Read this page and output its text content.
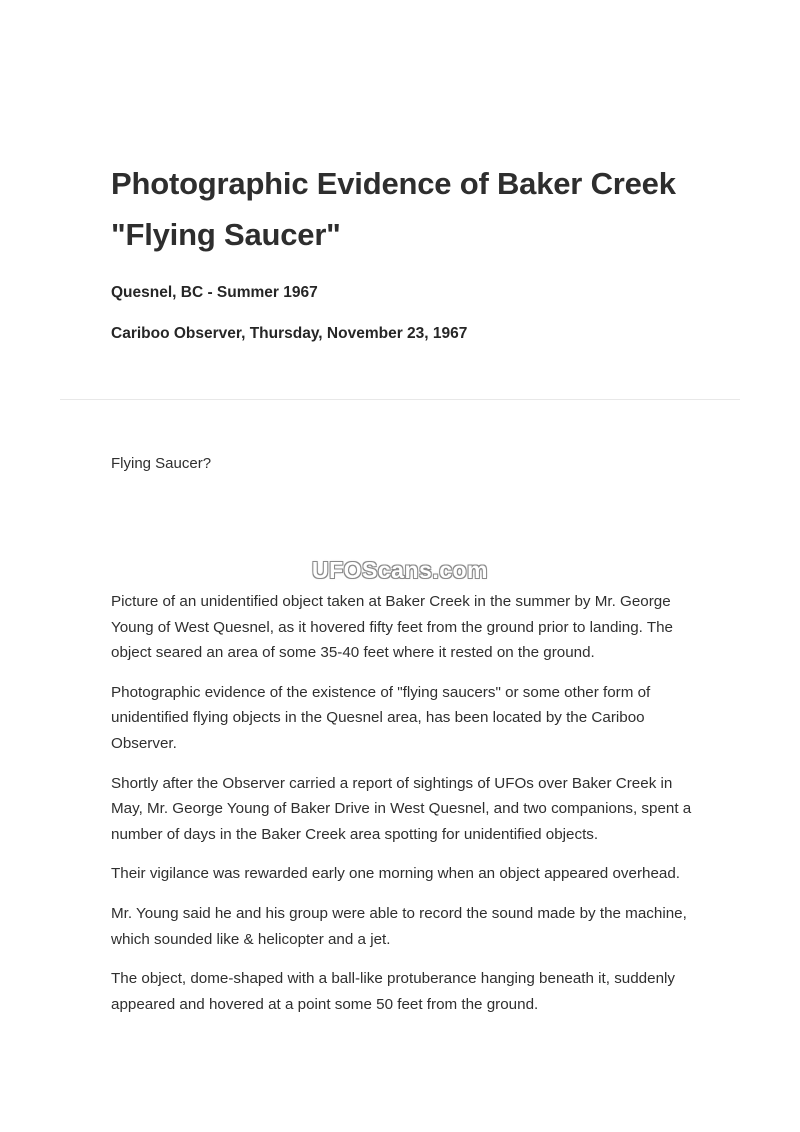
Photographic Evidence of Baker Creek "Flying Saucer"

Quesnel, BC - Summer 1967

Cariboo Observer, Thursday, November 23, 1967

Flying Saucer?
UFOScans.com

Picture of an unidentified object taken at Baker Creek in the summer by Mr. George Young of West Quesnel, as it hovered fifty feet from the ground prior to landing. The object seared an area of some 35-40 feet where it rested on the ground.

Photographic evidence of the existence of "flying saucers" or some other form of unidentified flying objects in the Quesnel area, has been located by the Cariboo Observer.

Shortly after the Observer carried a report of sightings of UFOs over Baker Creek in May, Mr. George Young of Baker Drive in West Quesnel, and two companions, spent a number of days in the Baker Creek area spotting for unidentified objects.

Their vigilance was rewarded early one morning when an object appeared overhead.

Mr. Young said he and his group were able to record the sound made by the machine, which sounded like & helicopter and a jet.

The object, dome-shaped with a ball-like protuberance hanging beneath it, suddenly appeared and hovered at a point some 50 feet from the ground.
